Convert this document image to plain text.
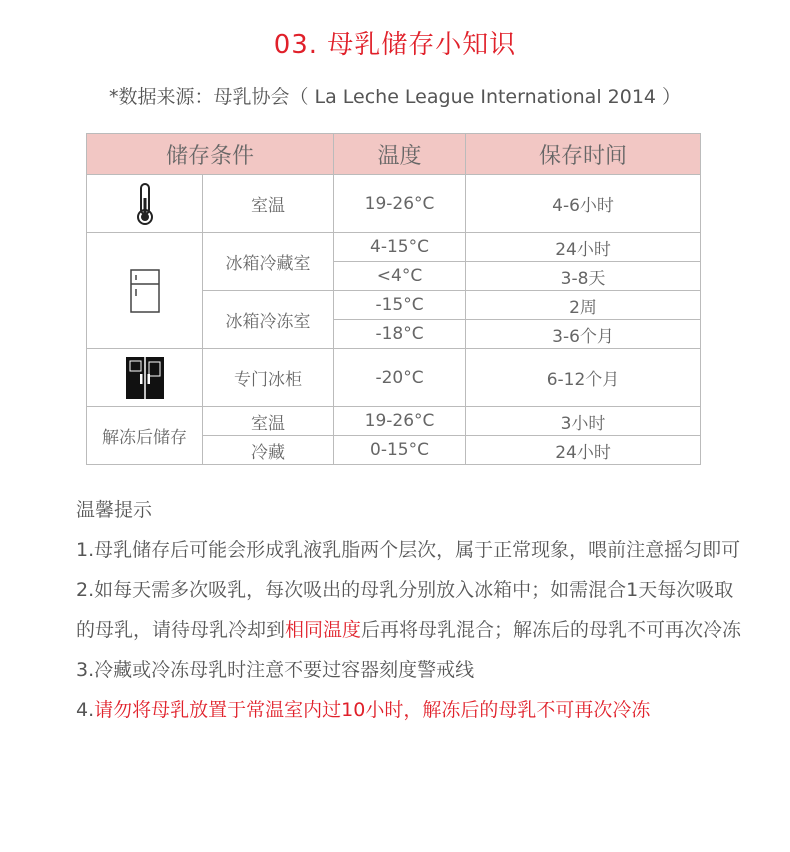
03. 母乳储存小知识
*数据来源：母乳协会（ La Leche League International 2014 ）
储存条件		温度	保存时间

	室温	19-26°C	4-6小时

	冰箱冷藏室	4-15°C	24小时
		<4°C	3-8天
	冰箱冷冻室	-15°C	2周
		-18°C	3-6个月

	专门冰柜	-20°C	6-12个月
解冻后储存	室温	19-26°C	3小时
	冷藏	0-15°C	24小时

温馨提示

1.母乳储存后可能会形成乳液乳脂两个层次，属于正常现象，喂前注意摇匀即可

2.如每天需多次吸乳，每次吸出的母乳分别放入冰箱中；如需混合1天每次吸取的母乳，请待母乳冷却到相同温度后再将母乳混合；解冻后的母乳不可再次冷冻

3.冷藏或冷冻母乳时注意不要过容器刻度警戒线

4.请勿将母乳放置于常温室内过10小时，解冻后的母乳不可再次冷冻
